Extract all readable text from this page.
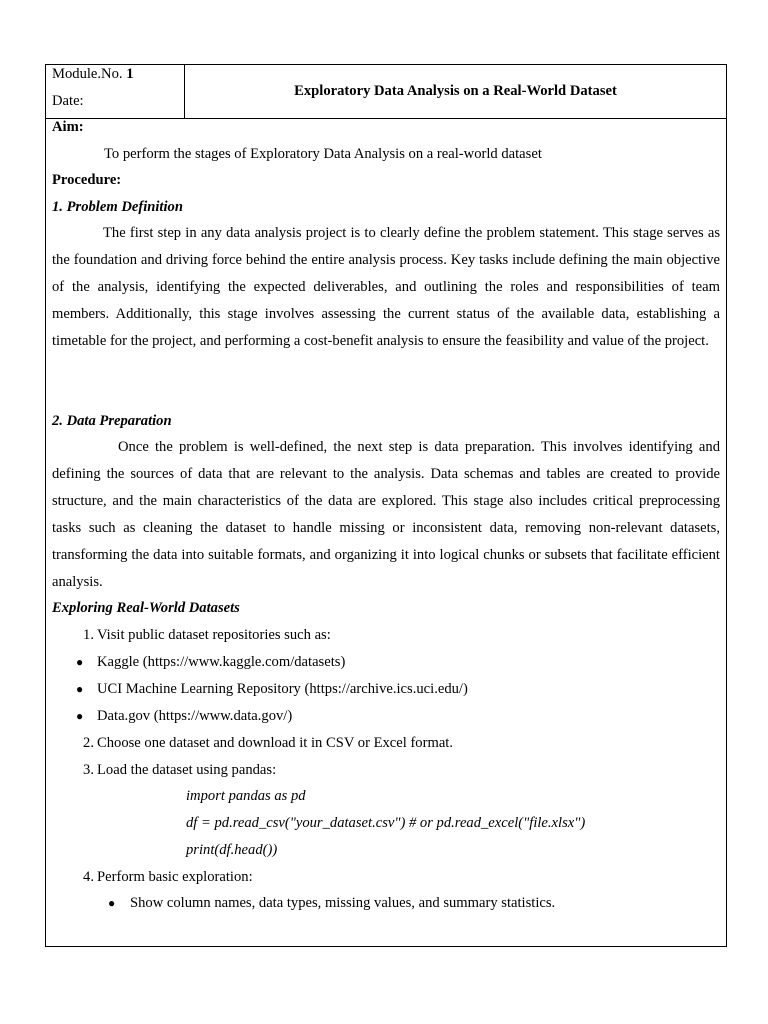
Module.No. 1
Date:
Exploratory Data Analysis on a Real-World Dataset
Aim:
To perform the stages of Exploratory Data Analysis on a real-world dataset
Procedure:
1. Problem Definition
The first step in any data analysis project is to clearly define the problem statement. This stage serves as the foundation and driving force behind the entire analysis process. Key tasks include defining the main objective of the analysis, identifying the expected deliverables, and outlining the roles and responsibilities of team members. Additionally, this stage involves assessing the current status of the available data, establishing a timetable for the project, and performing a cost-benefit analysis to ensure the feasibility and value of the project.
2. Data Preparation
Once the problem is well-defined, the next step is data preparation. This involves identifying and defining the sources of data that are relevant to the analysis. Data schemas and tables are created to provide structure, and the main characteristics of the data are explored. This stage also includes critical preprocessing tasks such as cleaning the dataset to handle missing or inconsistent data, removing non-relevant datasets, transforming the data into suitable formats, and organizing it into logical chunks or subsets that facilitate efficient analysis.
Exploring Real-World Datasets
1. Visit public dataset repositories such as:
● Kaggle (https://www.kaggle.com/datasets)
● UCI Machine Learning Repository (https://archive.ics.uci.edu/)
● Data.gov (https://www.data.gov/)
2. Choose one dataset and download it in CSV or Excel format.
3. Load the dataset using pandas:
import pandas as pd
df = pd.read_csv("your_dataset.csv") # or pd.read_excel("file.xlsx")
print(df.head())
4. Perform basic exploration:
● Show column names, data types, missing values, and summary statistics.
